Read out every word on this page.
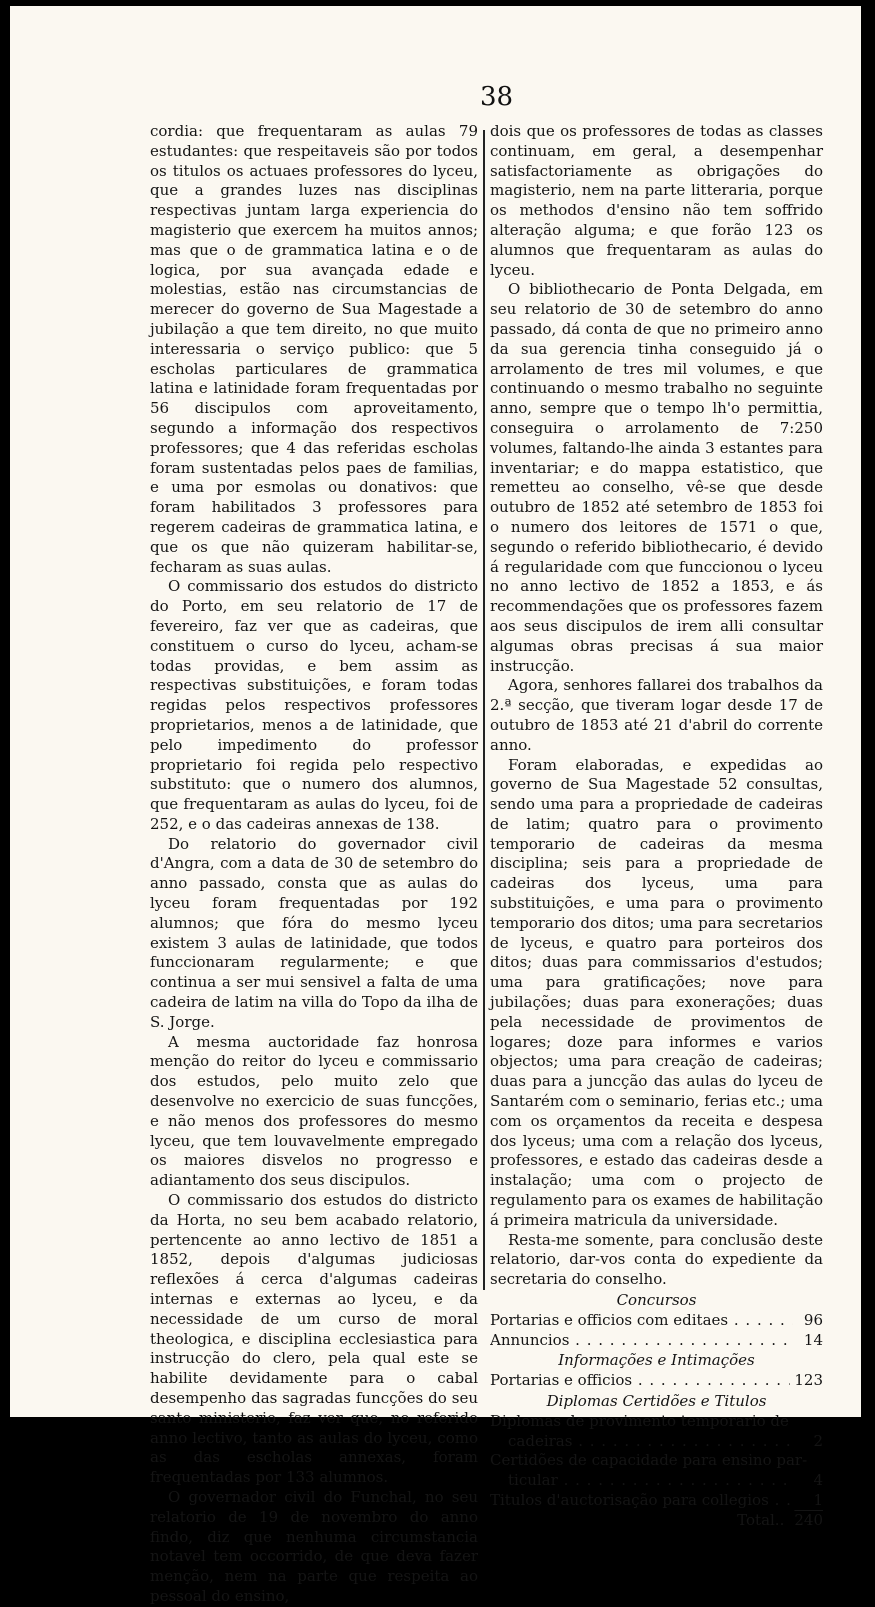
38

cordia: que frequentaram as aulas 79 estudantes: que respeitaveis são por todos os titulos os actuaes professores do lyceu, que a grandes luzes nas disciplinas respectivas juntam larga experiencia do magisterio que exercem ha muitos annos; mas que o de grammatica latina e o de logica, por sua avançada edade e molestias, estão nas circumstancias de merecer do governo de Sua Magestade a jubilação a que tem direito, no que muito interessaria o serviço publico: que 5 escholas particulares de grammatica latina e latinidade foram frequentadas por 56 discipulos com aproveitamento, segundo a informação dos respectivos professores; que 4 das referidas escholas foram sustentadas pelos paes de familias, e uma por esmolas ou donativos: que foram habilitados 3 professores para regerem cadeiras de grammatica latina, e que os que não quizeram habilitar-se, fecharam as suas aulas.

O commissario dos estudos do districto do Porto, em seu relatorio de 17 de fevereiro, faz ver que as cadeiras, que constituem o curso do lyceu, acham-se todas providas, e bem assim as respectivas substituições, e foram todas regidas pelos respectivos professores proprietarios, menos a de latinidade, que pelo impedimento do professor proprietario foi regida pelo respectivo substituto: que o numero dos alumnos, que frequentaram as aulas do lyceu, foi de 252, e o das cadeiras annexas de 138.

Do relatorio do governador civil d'Angra, com a data de 30 de setembro do anno passado, consta que as aulas do lyceu foram frequentadas por 192 alumnos; que fóra do mesmo lyceu existem 3 aulas de latinidade, que todos funccionaram regularmente; e que continua a ser mui sensivel a falta de uma cadeira de latim na villa do Topo da ilha de S. Jorge.

A mesma auctoridade faz honrosa menção do reitor do lyceu e commissario dos estudos, pelo muito zelo que desenvolve no exercicio de suas funcções, e não menos dos professores do mesmo lyceu, que tem louvavelmente empregado os maiores disvelos no progresso e adiantamento dos seus discipulos.

O commissario dos estudos do districto da Horta, no seu bem acabado relatorio, pertencente ao anno lectivo de 1851 a 1852, depois d'algumas judiciosas reflexões á cerca d'algumas cadeiras internas e externas ao lyceu, e da necessidade de um curso de moral theologica, e disciplina ecclesiastica para instrucção do clero, pela qual este se habilite devidamente para o cabal desempenho das sagradas funcções do seu santo ministerio, faz ver que, no referido anno lectivo, tanto as aulas do lyceu, como as das escholas annexas, foram frequentadas por 133 alumnos.

O governador civil do Funchal, no seu relatorio de 19 de novembro do anno findo, diz que nenhuma circumstancia notavel tem occorrido, de que deva fazer menção, nem na parte que respeita ao pessoal do ensino,

dois que os professores de todas as classes continuam, em geral, a desempenhar satisfactoriamente as obrigações do magisterio, nem na parte litteraria, porque os methodos d'ensino não tem soffrido alteração alguma; e que forão 123 os alumnos que frequentaram as aulas do lyceu.

O bibliothecario de Ponta Delgada, em seu relatorio de 30 de setembro do anno passado, dá conta de que no primeiro anno da sua gerencia tinha conseguido já o arrolamento de tres mil volumes, e que continuando o mesmo trabalho no seguinte anno, sempre que o tempo lh'o permittia, conseguira o arrolamento de 7:250 volumes, faltando-lhe ainda 3 estantes para inventariar; e do mappa estatistico, que remetteu ao conselho, vê-se que desde outubro de 1852 até setembro de 1853 foi o numero dos leitores de 1571 o que, segundo o referido bibliothecario, é devido á regularidade com que funccionou o lyceu no anno lectivo de 1852 a 1853, e ás recommendações que os professores fazem aos seus discipulos de irem alli consultar algumas obras precisas á sua maior instrucção.

Agora, senhores fallarei dos trabalhos da 2.ª secção, que tiveram logar desde 17 de outubro de 1853 até 21 d'abril do corrente anno.

Foram elaboradas, e expedidas ao governo de Sua Magestade 52 consultas, sendo uma para a propriedade de cadeiras de latim; quatro para o provimento temporario de cadeiras da mesma disciplina; seis para a propriedade de cadeiras dos lyceus, uma para substituições, e uma para o provimento temporario dos ditos; uma para secretarios de lyceus, e quatro para porteiros dos ditos; duas para commissarios d'estudos; uma para gratificações; nove para jubilações; duas para exonerações; duas pela necessidade de provimentos de logares; doze para informes e varios objectos; uma para creação de cadeiras; duas para a juncção das aulas do lyceu de Santarém com o seminario, ferias etc.; uma com os orçamentos da receita e despesa dos lyceus; uma com a relação dos lyceus, professores, e estado das cadeiras desde a instalação; uma com o projecto de regulamento para os exames de habilitação á primeira matricula da universidade.

Resta-me somente, para conclusão deste relatorio, dar-vos conta do expediente da secretaria do conselho.

Concursos
Portarias e officios com editaes . . .	96
Annuncios . . .	14
Informações e Intimações
Portarias e officios . . .	123
Diplomas Certidões e Titulos
Diplomas de provimento temporario de
cadeiras . . .	2
Certidões de capacidade para ensino par-
ticular . . .	4
Titulos d'auctorisação para collegios . . .	1
Total.. 240
